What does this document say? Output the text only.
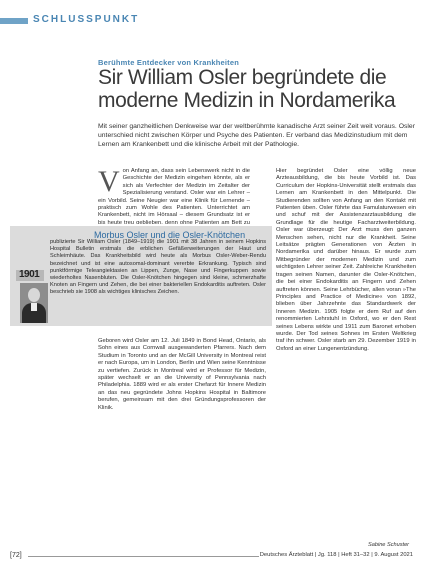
SCHLUSSPUNKT
Berühmte Entdecker von Krankheiten
Sir William Osler begründete die moderne Medizin in Nordamerika

Mit seiner ganzheitlichen Denkweise war der weltberühmte kanadische Arzt seiner Zeit weit voraus. Osler unterschied nicht zwischen Körper und Psyche des Patienten. Er verband das Medizinstudium mit dem Lernen am Krankenbett und die klinische Arbeit mit der Pathologie.

V on Anfang an, dass sein Lebenswerk nicht in die Geschichte der Medizin eingehen könnte, als er sich als Verfechter der Medizin im Zeitalter der Spezialisierung verstand. Osler war ein Lehrer – ein Vorbild. Seine Neugier war eine Klinik für Lernende – praktisch zum Wohle des Patienten. Unterrichtet am Krankenbett, nicht im Hörsaal – diesem Grundsatz ist er bis heute treu geblieben, denn ohne Patienten am Bett zu
Hier begründet Osler eine völlig neue Arzteausbildung, die bis heute Vorbild ist. Das Curriculum der Hopkins-Universität stellt erstmals das Lernen am Krankenbett in den Mittelpunkt. Die Studierenden sollten von Anfang an den Kontakt mit Patienten üben. Osler führte das Famulaturwesen ein und schuf mit der Assistenzarztausbildung die Grundlage für die heutige Facharztweiterbildung. Osler war überzeugt: Der Arzt muss den ganzen Menschen sehen, nicht nur die Krankheit. Seine Leitsätze prägten Generationen von Ärzten in Nordamerika und darüber hinaus. Er wurde zum Mitbegründer der modernen Medizin und zum wichtigsten Lehrer seiner Zeit. Zahlreiche Krankheiten tragen seinen Namen, darunter die Osler-Knötchen, die bei einer Endokarditis an Fingern und Zehen auftreten können. Seine Lehrbücher, allen voran »The Principles and Practice of Medicine« von 1892, blieben über Jahrzehnte das Standardwerk der Inneren Medizin. 1905 folgte er dem Ruf auf den renommierten Lehrstuhl in Oxford, wo er den Rest seines Lebens wirkte und 1911 zum Baronet erhoben wurde. Der Tod seines Sohnes im Ersten Weltkrieg traf ihn schwer. Osler starb am 29. Dezember 1919 in Oxford an einer Lungenentzündung.
Morbus Osler und die Osler-Knötchen
1901
publizierte Sir William Osler (1849–1919) die 1901 mit 38 Jahren in seinem Hopkins Hospital Bulletin erstmals die erblichen Gefäßerweiterungen der Haut und Schleimhäute. Das Krankheitsbild wird heute als Morbus Osler-Weber-Rendu bezeichnet und ist eine autosomal-dominant vererbte Erkrankung. Typisch sind punktförmige Teleangiektasien an Lippen, Zunge, Nase und Fingerkuppen sowie wiederholtes Nasenbluten. Die Osler-Knötchen hingegen sind kleine, schmerzhafte Knoten an Fingern und Zehen, die bei einer bakteriellen Endokarditis auftreten. Osler beschrieb sie 1908 als wichtiges klinisches Zeichen.
Geboren wird Osler am 12. Juli 1849 in Bond Head, Ontario, als Sohn eines aus Cornwall ausgewanderten Pfarrers. Nach dem Studium in Toronto und an der McGill University in Montreal reist er nach Europa, um in London, Berlin und Wien seine Kenntnisse zu vertiefen. Zurück in Montreal wird er Professor für Medizin, später wechselt er an die University of Pennsylvania nach Philadelphia. 1889 wird er als erster Chefarzt für Innere Medizin an das neu gegründete Johns Hopkins Hospital in Baltimore berufen, gemeinsam mit den drei Gründungsprofessoren der Klinik.
Sabine Schuster
[72]	Deutsches Ärzteblatt | Jg. 118 | Heft 31–32 | 9. August 2021
